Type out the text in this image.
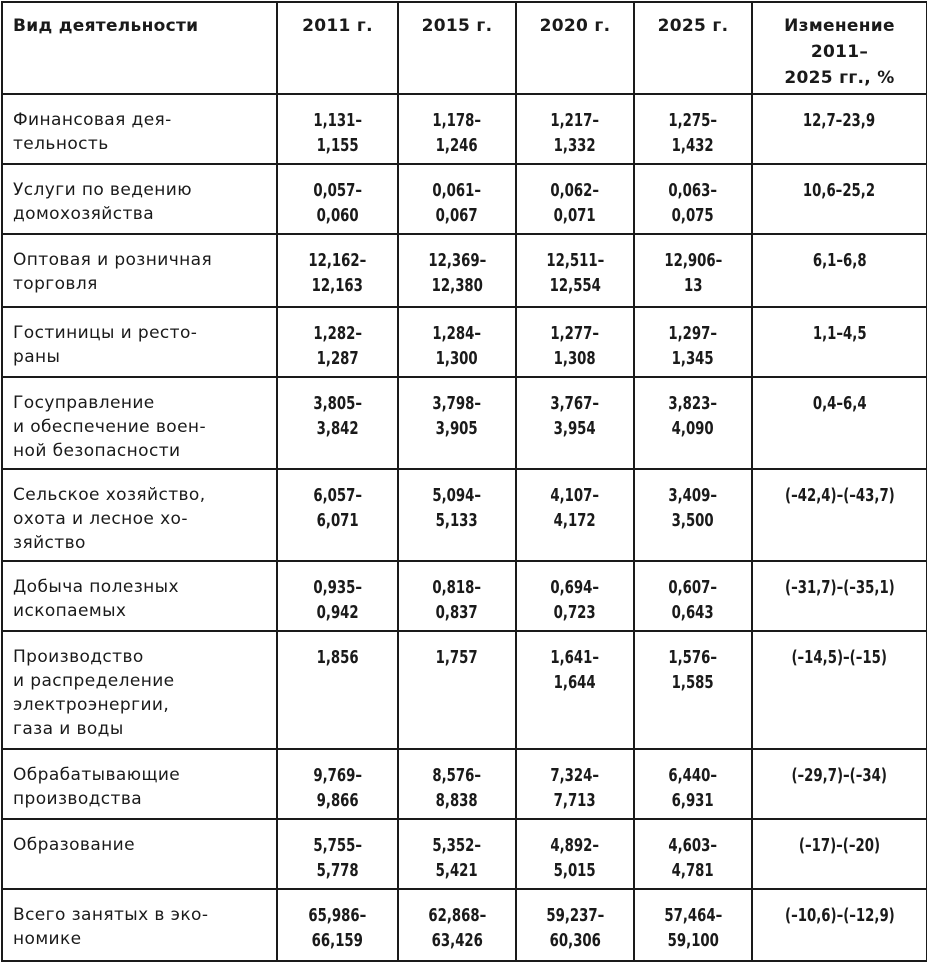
Вид деятельности	2011 г.	2015 г.	2020 г.	2025 г.	Изменение
2011–
2025 гг., %
Финансовая дея-
тельность	1,131–
1,155	1,178–
1,246	1,217–
1,332	1,275–
1,432	12,7–23,9
Услуги по ведению
домохозяйства	0,057–
0,060	0,061–
0,067	0,062–
0,071	0,063–
0,075	10,6–25,2
Оптовая и розничная
торговля	12,162–
12,163	12,369–
12,380	12,511–
12,554	12,906–
13	6,1–6,8
Гостиницы и ресто-
раны	1,282–
1,287	1,284–
1,300	1,277–
1,308	1,297–
1,345	1,1–4,5
Госуправление
и обеспечение воен-
ной безопасности	3,805–
3,842	3,798–
3,905	3,767–
3,954	3,823–
4,090	0,4–6,4
Сельское хозяйство,
охота и лесное хо-
зяйство	6,057–
6,071	5,094–
5,133	4,107–
4,172	3,409–
3,500	(–42,4)–(–43,7)
Добыча полезных
ископаемых	0,935–
0,942	0,818–
0,837	0,694–
0,723	0,607–
0,643	(–31,7)–(–35,1)
Производство
и распределение
электроэнергии,
газа и воды	1,856	1,757	1,641–
1,644	1,576–
1,585	(–14,5)–(–15)
Обрабатывающие
производства	9,769–
9,866	8,576–
8,838	7,324–
7,713	6,440–
6,931	(–29,7)–(–34)
Образование	5,755–
5,778	5,352–
5,421	4,892–
5,015	4,603–
4,781	(–17)–(–20)
Всего занятых в эко-
номике	65,986–
66,159	62,868–
63,426	59,237–
60,306	57,464–
59,100	(–10,6)–(–12,9)
